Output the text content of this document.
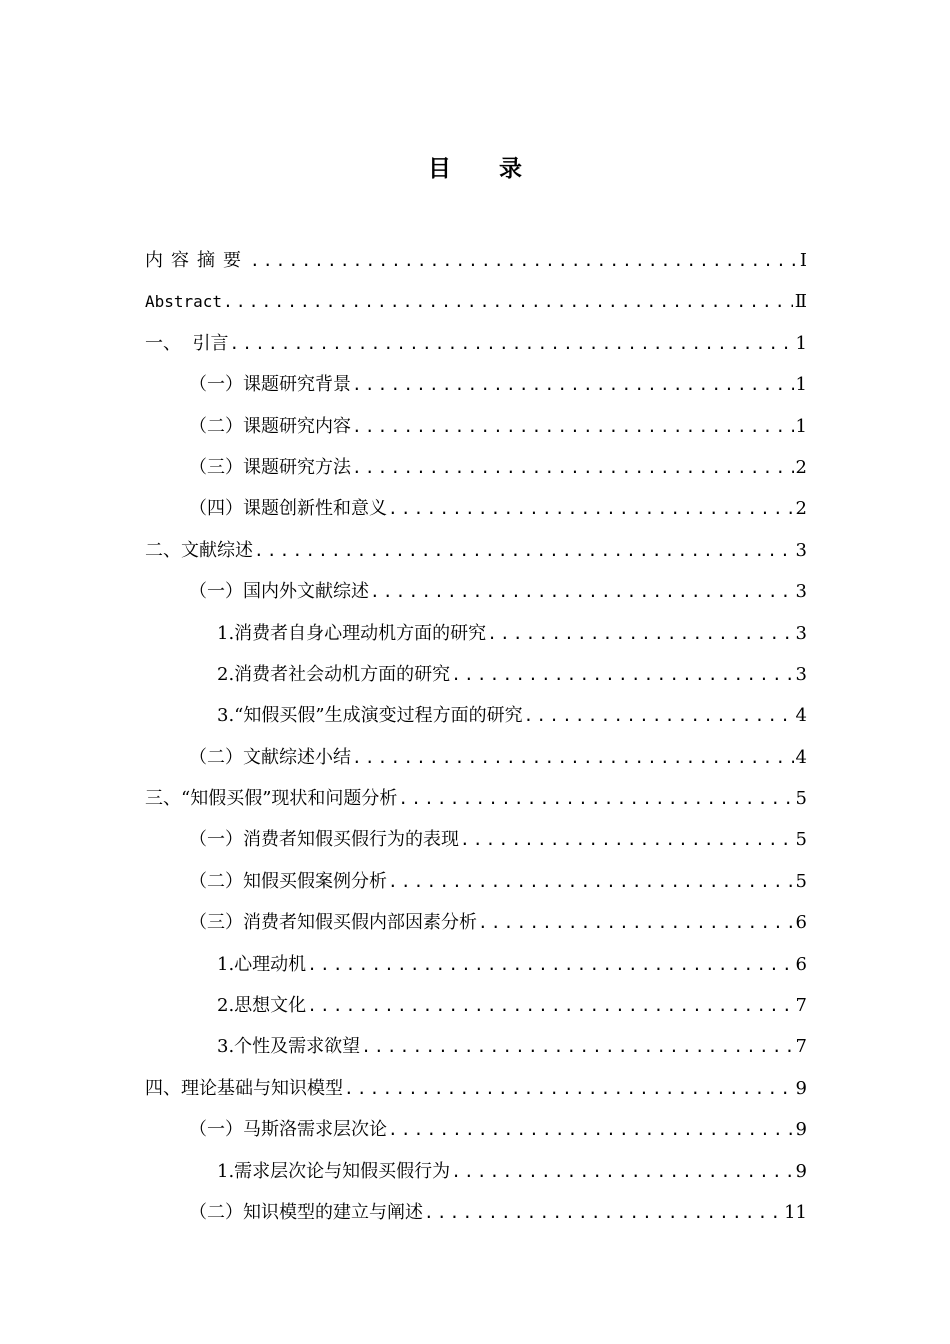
目 录
内容摘要 .....	Ⅰ
Abstract .....	Ⅱ
一、  引言 .....	1
（一）课题研究背景 .....	1
（二）课题研究内容 .....	1
（三）课题研究方法 .....	2
（四）课题创新性和意义 .....	2
二、文献综述 .....	3
（一）国内外文献综述 .....	3
1.消费者自身心理动机方面的研究 .....	3
2.消费者社会动机方面的研究 .....	3
3.“知假买假”生成演变过程方面的研究 .....	4
（二）文献综述小结 .....	4
三、“知假买假”现状和问题分析 .....	5
（一）消费者知假买假行为的表现 .....	5
（二）知假买假案例分析 .....	5
（三）消费者知假买假内部因素分析 .....	6
1.心理动机 .....	6
2.思想文化 .....	7
3.个性及需求欲望 .....	7
四、理论基础与知识模型 .....	9
（一）马斯洛需求层次论 .....	9
1.需求层次论与知假买假行为 .....	9
（二）知识模型的建立与阐述 .....	11
